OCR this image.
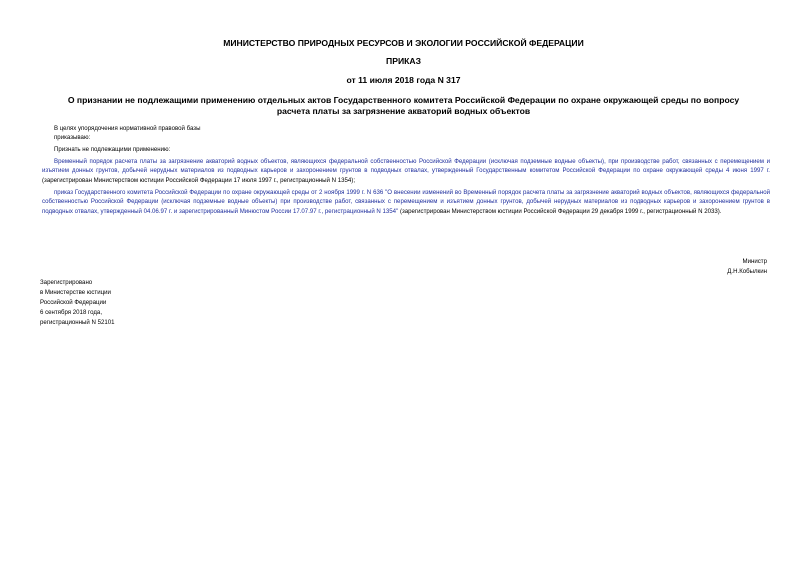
МИНИСТЕРСТВО ПРИРОДНЫХ РЕСУРСОВ И ЭКОЛОГИИ РОССИЙСКОЙ ФЕДЕРАЦИИ
ПРИКАЗ
от 11 июля 2018 года N 317
О признании не подлежащими применению отдельных актов Государственного комитета Российской Федерации по охране окружающей среды по вопросу
расчета платы за загрязнение акваторий водных объектов
В целях упорядочения нормативной правовой базы
приказываю:
Признать не подлежащими применению:

Временный порядок расчета платы за загрязнение акваторий водных объектов, являющихся федеральной собственностью Российской Федерации (исключая подземные водные объекты), при производстве работ, связанных с перемещением и изъятием донных грунтов, добычей нерудных материалов из подводных карьеров и захоронением грунтов в подводных отвалах, утвержденный Государственным комитетом Российской Федерации по охране окружающей среды 4 июня 1997 г. (зарегистрирован Министерством юстиции Российской Федерации 17 июля 1997 г., регистрационный N 1354);

приказ Государственного комитета Российской Федерации по охране окружающей среды от 2 ноября 1999 г. N 636 "О внесении изменений во Временный порядок расчета платы за загрязнение акваторий водных объектов, являющихся федеральной собственностью Российской Федерации (исключая подземные водные объекты) при производстве работ, связанных с перемещением и изъятием донных грунтов, добычей нерудных материалов из подводных карьеров и захоронением грунтов в подводных отвалах, утвержденный 04.06.97 г. и зарегистрированный Минюстом России 17.07.97 г., регистрационный N 1354" (зарегистрирован Министерством юстиции Российской Федерации 29 декабря 1999 г., регистрационный N 2033).

Министр
Д.Н.Кобылкин
Зарегистрировано
в Министерстве юстиции
Российской Федерации
6 сентября 2018 года,
регистрационный N 52101
